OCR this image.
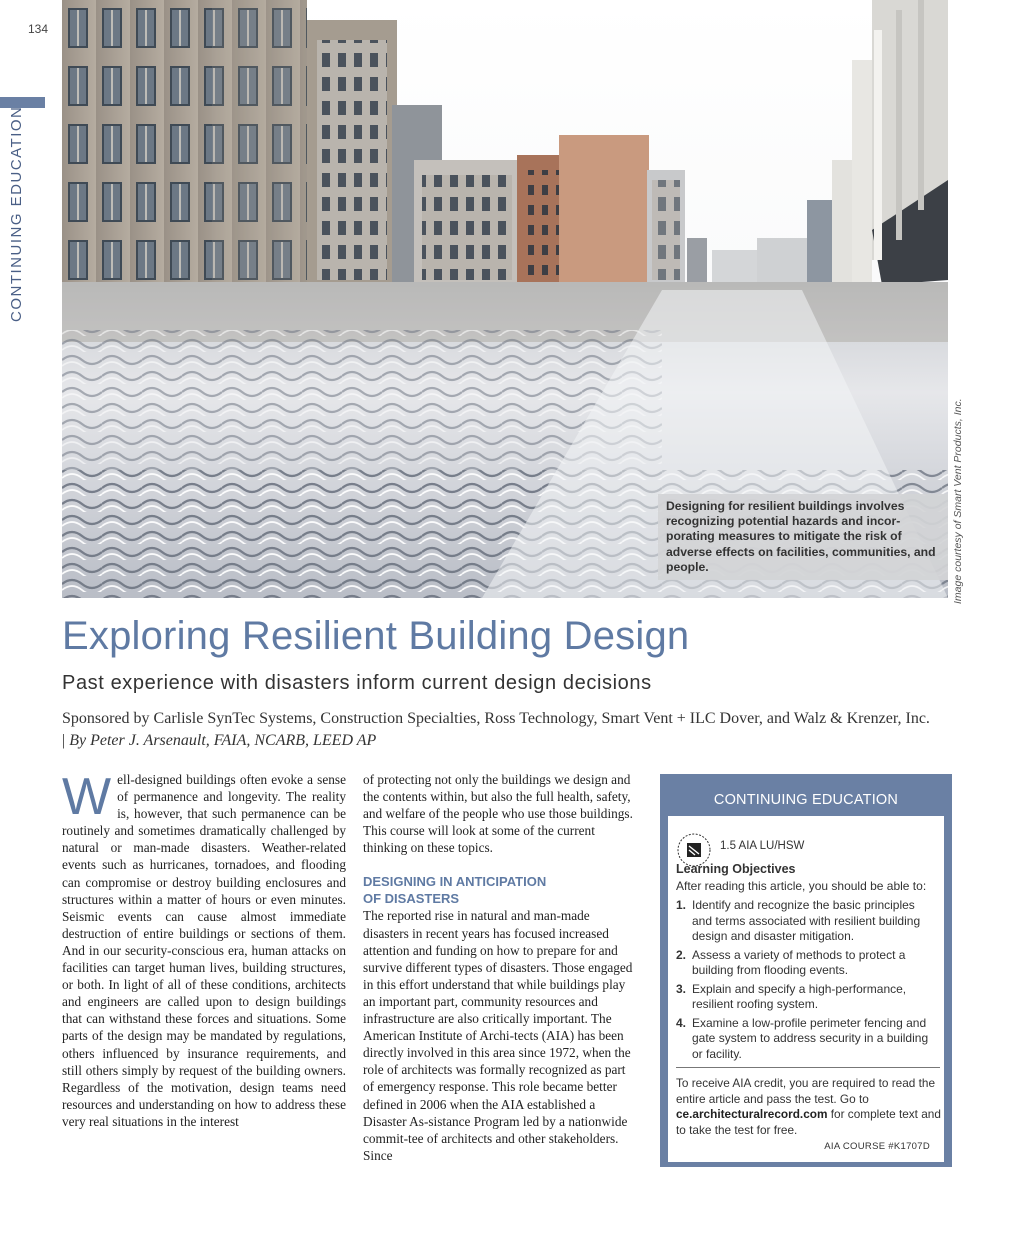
134
CONTINUING EDUCATION
Designing for resilient buildings involves recognizing potential hazards and incor-porating measures to mitigate the risk of adverse effects on facilities, communities, and people.	Image courtesy of Smart Vent Products, Inc.
Exploring Resilient Building Design
Past experience with disasters inform current design decisions
Sponsored by Carlisle SynTec Systems, Construction Specialties, Ross Technology, Smart Vent + ILC Dover, and Walz & Krenzer, Inc. | By Peter J. Arsenault, FAIA, NCARB, LEED AP
W ell-designed buildings often evoke a sense of permanence and longevity. The reality is, however, that such permanence can be routinely and sometimes dramatically challenged by natural or man-made disasters. Weather-related events such as hurricanes, tornadoes, and flooding can compromise or destroy building enclosures and structures within a matter of hours or even minutes. Seismic events can cause almost immediate destruction of entire buildings or sections of them. And in our security-conscious era, human attacks on facilities can target human lives, building structures, or both. In light of all of these conditions, architects and engineers are called upon to design buildings that can withstand these forces and situations. Some parts of the design may be mandated by regulations, others influenced by insurance requirements, and still others simply by request of the building owners. Regardless of the motivation, design teams need resources and understanding on how to address these very real situations in the interest

of protecting not only the buildings we design and the contents within, but also the full health, safety, and welfare of the people who use those buildings. This course will look at some of the current thinking on these topics.

DESIGNING IN ANTICIPATION
OF DISASTERS

The reported rise in natural and man-made disasters in recent years has focused increased attention and funding on how to prepare for and survive different types of disasters. Those engaged in this effort understand that while buildings play an important part, community resources and infrastructure are also critically important. The American Institute of Archi-tects (AIA) has been directly involved in this area since 1972, when the role of architects was formally recognized as part of emergency response. This role became better defined in 2006 when the AIA established a Disaster As-sistance Program led by a nationwide commit-tee of architects and other stakeholders. Since

CONTINUING EDUCATION
1.5 AIA LU/HSW
Learning Objectives
After reading this article, you should be able to:
1. Identify and recognize the basic principles and terms associated with resilient building design and disaster mitigation.
2. Assess a variety of methods to protect a building from flooding events.
3. Explain and specify a high-performance, resilient roofing system.
4. Examine a low-profile perimeter fencing and gate system to address security in a building or facility.
To receive AIA credit, you are required to read the entire article and pass the test. Go to ce.architecturalrecord.com for complete text and to take the test for free.
AIA COURSE #K1707D
